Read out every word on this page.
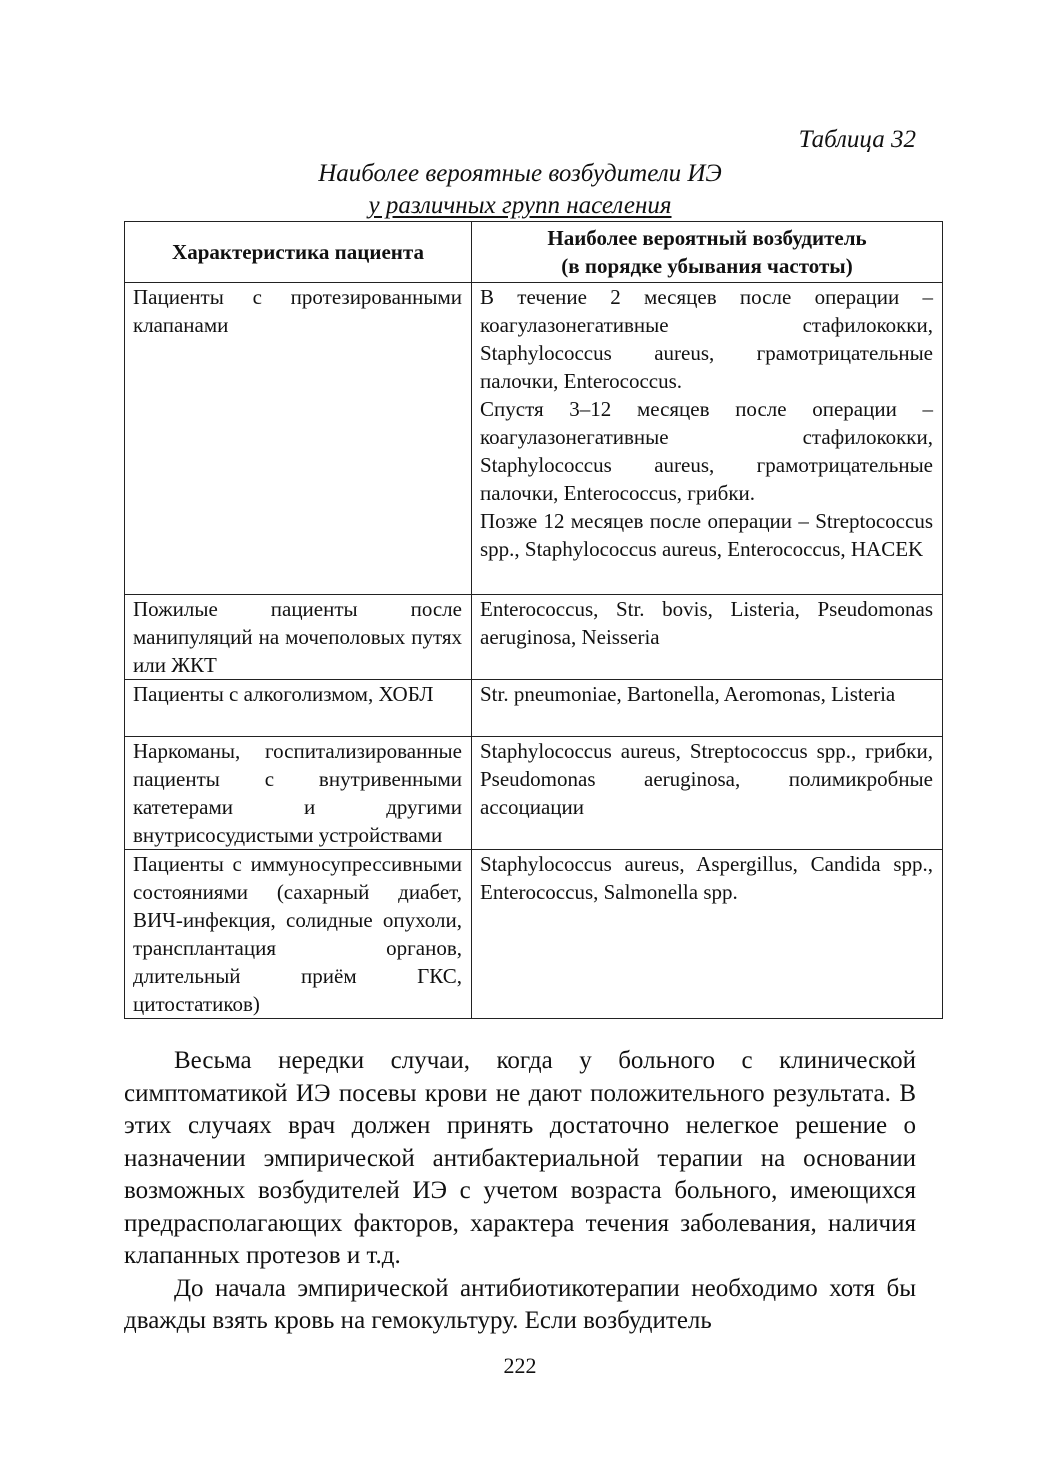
Таблица 32
Наиболее вероятные возбудители ИЭ
у различных групп населения
Характеристика пациента	Наиболее вероятный возбудитель
(в порядке убывания частоты)

Пациенты с протезированными клапанами	В течение 2 месяцев после операции – коагулазонегативные стафилококки, Staphylococcus aureus, грамотрицательные палочки, Enterococcus.
Спустя 3–12 месяцев после операции – коагулазонегативные стафилококки, Staphylococcus aureus, грамотрицательные палочки, Enterococcus, грибки.
Позже 12 месяцев после операции – Streptococcus spp., Staphylococcus aureus, Enterococcus, HACEK

Пожилые пациенты после манипуляций на мочеполовых путях или ЖКТ	Enterococcus, Str. bovis, Listeria, Pseudomonas aeruginosa, Neisseria
Пациенты с алкоголизмом, ХОБЛ	Str. pneumoniae, Bartonella, Aeromonas, Listeria
Наркоманы, госпитализированные пациенты с внутривенными катетерами и другими внутрисосудистыми устройствами	Staphylococcus aureus, Streptococcus spp., грибки, Pseudomonas aeruginosa, полимикробные ассоциации
Пациенты с иммуносупрессивными состояниями (сахарный диабет, ВИЧ-инфекция, солидные опухоли, трансплантация органов, длительный приём ГКС, цитостатиков)	Staphylococcus aureus, Aspergillus, Candida spp., Enterococcus, Salmonella spp.

Весьма нередки случаи, когда у больного с клинической симптоматикой ИЭ посевы крови не дают положительного результата. В этих случаях врач должен принять достаточно нелегкое решение о назначении эмпирической антибактериальной терапии на основании возможных возбудителей ИЭ с учетом возраста больного, имеющихся предрасполагающих факторов, характера течения заболевания, наличия клапанных протезов и т.д.

До начала эмпирической антибиотикотерапии необходимо хотя бы дважды взять кровь на гемокультуру. Если возбудитель

222
